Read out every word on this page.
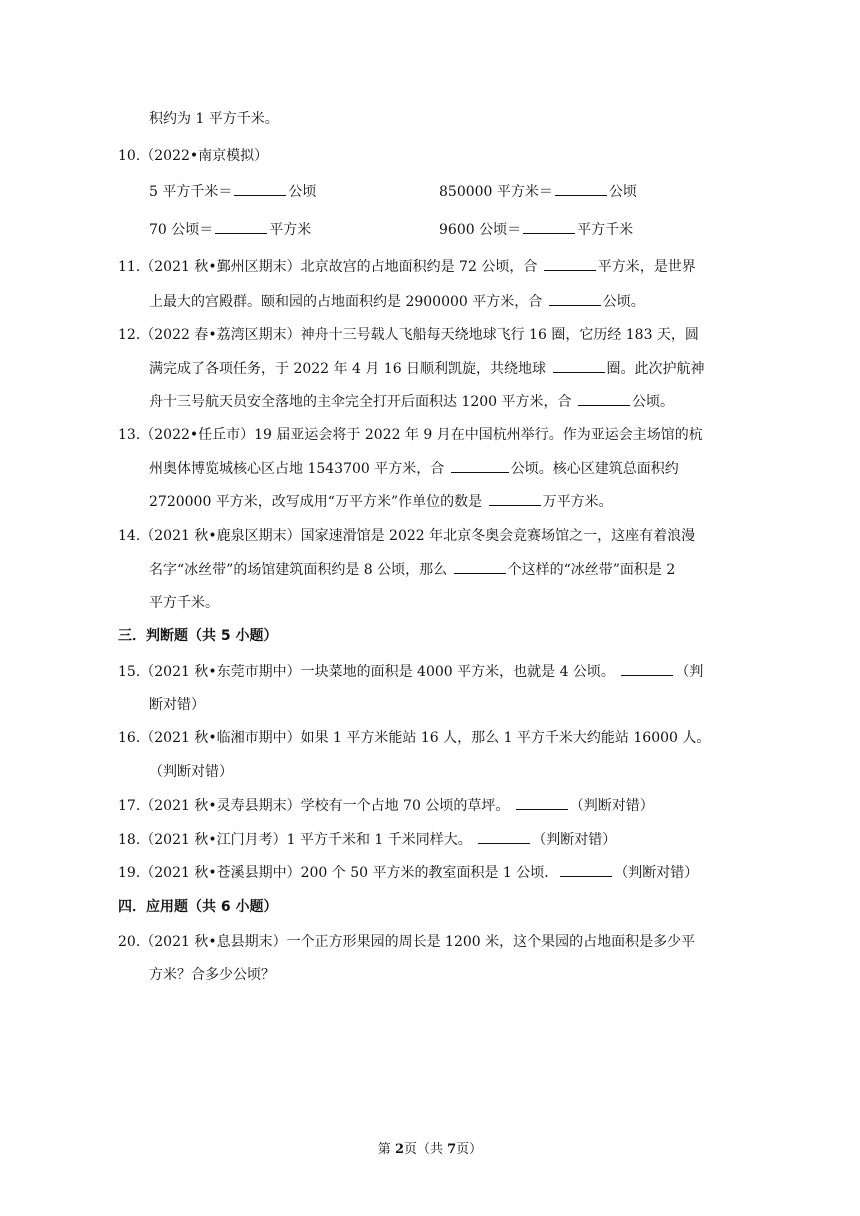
积约为 1 平方千米。
10.（2022•南京模拟）
5 平方千米＝	公顷	850000 平方米＝	公顷
70 公顷＝	平方米	9600 公顷＝	平方千米
11.（2021 秋•鄞州区期末）北京故宫的占地面积约是 72 公顷，合	平方米，是世界
上最大的宫殿群。颐和园的占地面积约是 2900000 平方米，合	公顷。
12.（2022 春•荔湾区期末）神舟十三号载人飞船每天绕地球飞行 16 圈，它历经 183 天，圆
满完成了各项任务，于 2022 年 4 月 16 日顺利凯旋，共绕地球	圈。此次护航神
舟十三号航天员安全落地的主伞完全打开后面积达 1200 平方米，合	公顷。
13.（2022•任丘市）19 届亚运会将于 2022 年 9 月在中国杭州举行。作为亚运会主场馆的杭
州奥体博览城核心区占地 1543700 平方米，合	公顷。核心区建筑总面积约
2720000 平方米，改写成用“万平方米”作单位的数是	万平方米。
14.（2021 秋•鹿泉区期末）国家速滑馆是 2022 年北京冬奥会竞赛场馆之一，这座有着浪漫
名字“冰丝带”的场馆建筑面积约是 8 公顷，那么	个这样的“冰丝带”面积是 2
平方千米。
三．判断题（共 5 小题）
15.（2021 秋•东莞市期中）一块菜地的面积是 4000 平方米，也就是 4 公顷。	（判
断对错）
16.（2021 秋•临湘市期中）如果 1 平方米能站 16 人，那么 1 平方千米大约能站 16000 人。
（判断对错）
17.（2021 秋•灵寿县期末）学校有一个占地 70 公顷的草坪。	（判断对错）
18.（2021 秋•江门月考）1 平方千米和 1 千米同样大。	（判断对错）
19.（2021 秋•苍溪县期中）200 个 50 平方米的教室面积是 1 公顷．	（判断对错）
四．应用题（共 6 小题）
20.（2021 秋•息县期末）一个正方形果园的周长是 1200 米，这个果园的占地面积是多少平
方米？合多少公顷？
第 2页（共 7页）
